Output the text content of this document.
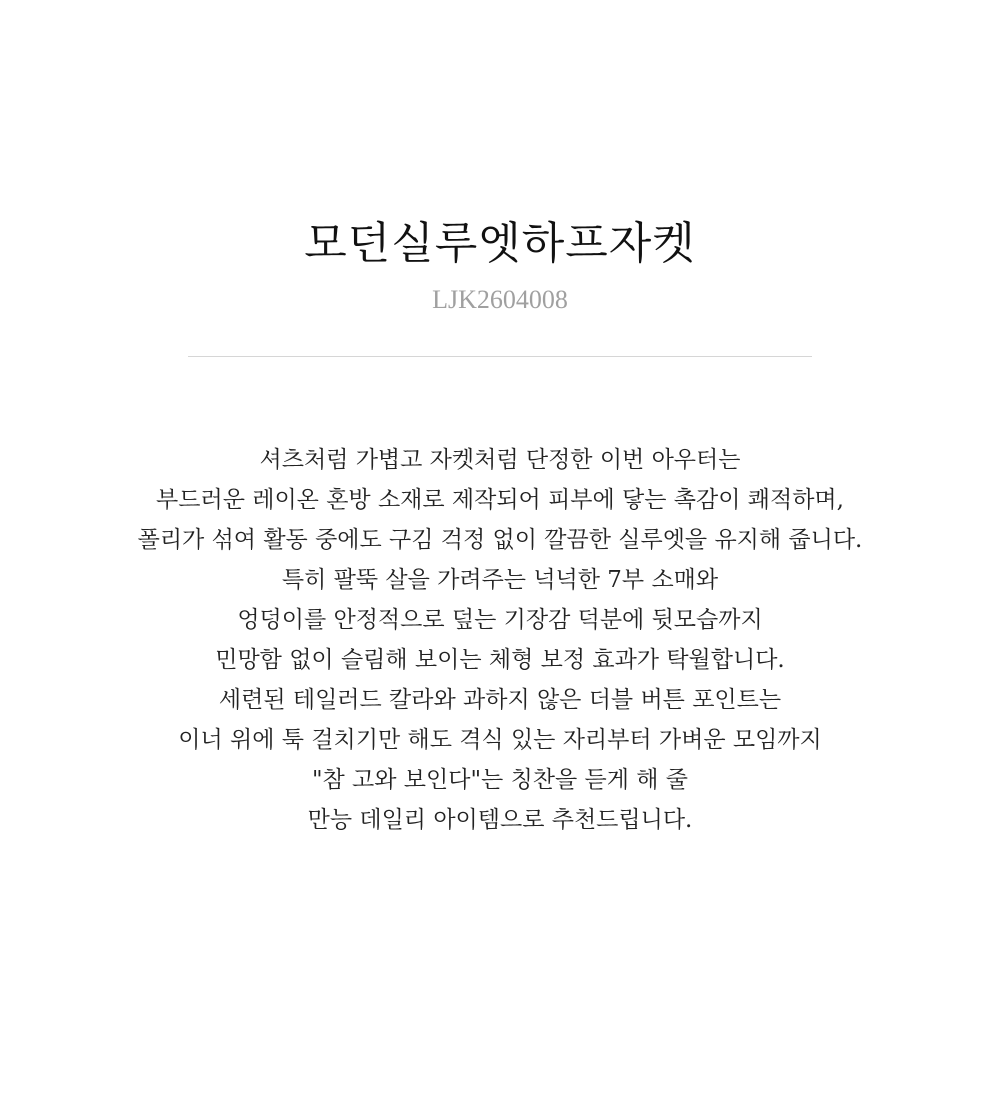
모던실루엣하프자켓
LJK2604008
셔츠처럼 가볍고 자켓처럼 단정한 이번 아우터는
부드러운 레이온 혼방 소재로 제작되어 피부에 닿는 촉감이 쾌적하며,
폴리가 섞여 활동 중에도 구김 걱정 없이 깔끔한 실루엣을 유지해 줍니다.
특히 팔뚝 살을 가려주는 넉넉한 7부 소매와
엉덩이를 안정적으로 덮는 기장감 덕분에 뒷모습까지
민망함 없이 슬림해 보이는 체형 보정 효과가 탁월합니다.
세련된 테일러드 칼라와 과하지 않은 더블 버튼 포인트는
이너 위에 툭 걸치기만 해도 격식 있는 자리부터 가벼운 모임까지
"참 고와 보인다"는 칭찬을 듣게 해 줄
만능 데일리 아이템으로 추천드립니다.
